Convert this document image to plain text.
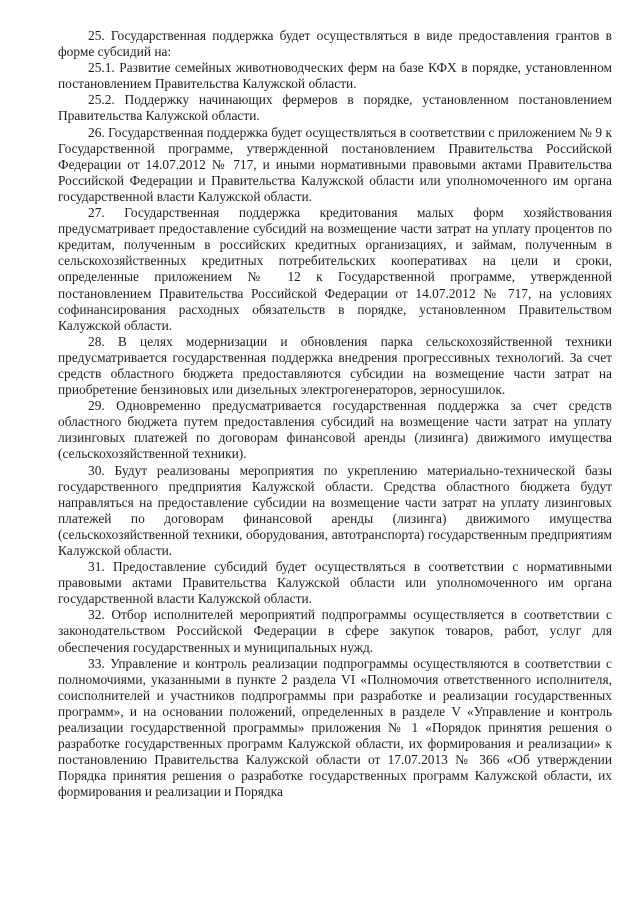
25. Государственная поддержка будет осуществляться в виде предоставления грантов в форме субсидий на:

25.1. Развитие семейных животноводческих ферм на базе КФХ в порядке, установленном постановлением Правительства Калужской области.

25.2. Поддержку начинающих фермеров в порядке, установленном постановлением Правительства Калужской области.

26. Государственная поддержка будет осуществляться в соответствии с приложением № 9 к Государственной программе, утвержденной постановлением Правительства Российской Федерации от 14.07.2012 № 717, и иными нормативными правовыми актами Правительства Российской Федерации и Правительства Калужской области или уполномоченного им органа государственной власти Калужской области.

27. Государственная поддержка кредитования малых форм хозяйствования предусматривает предоставление субсидий на возмещение части затрат на уплату процентов по кредитам, полученным в российских кредитных организациях, и займам, полученным в сельскохозяйственных кредитных потребительских кооперативах на цели и сроки, определенные приложением № 12 к Государственной программе, утвержденной постановлением Правительства Российской Федерации от 14.07.2012 № 717, на условиях софинансирования расходных обязательств в порядке, установленном Правительством Калужской области.

28. В целях модернизации и обновления парка сельскохозяйственной техники предусматривается государственная поддержка внедрения прогрессивных технологий. За счет средств областного бюджета предоставляются субсидии на возмещение части затрат на приобретение бензиновых или дизельных электрогенераторов, зерносушилок.

29. Одновременно предусматривается государственная поддержка за счет средств областного бюджета путем предоставления субсидий на возмещение части затрат на уплату лизинговых платежей по договорам финансовой аренды (лизинга) движимого имущества (сельскохозяйственной техники).

30. Будут реализованы мероприятия по укреплению материально-технической базы государственного предприятия Калужской области. Средства областного бюджета будут направляться на предоставление субсидии на возмещение части затрат на уплату лизинговых платежей по договорам финансовой аренды (лизинга) движимого имущества (сельскохозяйственной техники, оборудования, автотранспорта) государственным предприятиям Калужской области.

31. Предоставление субсидий будет осуществляться в соответствии с нормативными правовыми актами Правительства Калужской области или уполномоченного им органа государственной власти Калужской области.

32. Отбор исполнителей мероприятий подпрограммы осуществляется в соответствии с законодательством Российской Федерации в сфере закупок товаров, работ, услуг для обеспечения государственных и муниципальных нужд.

33. Управление и контроль реализации подпрограммы осуществляются в соответствии с полномочиями, указанными в пункте 2 раздела VI «Полномочия ответственного исполнителя, соисполнителей и участников подпрограммы при разработке и реализации государственных программ», и на основании положений, определенных в разделе V «Управление и контроль реализации государственной программы» приложения № 1 «Порядок принятия решения о разработке государственных программ Калужской области, их формирования и реализации» к постановлению Правительства Калужской области от 17.07.2013 № 366 «Об утверждении Порядка принятия решения о разработке государственных программ Калужской области, их формирования и реализации и Порядка
